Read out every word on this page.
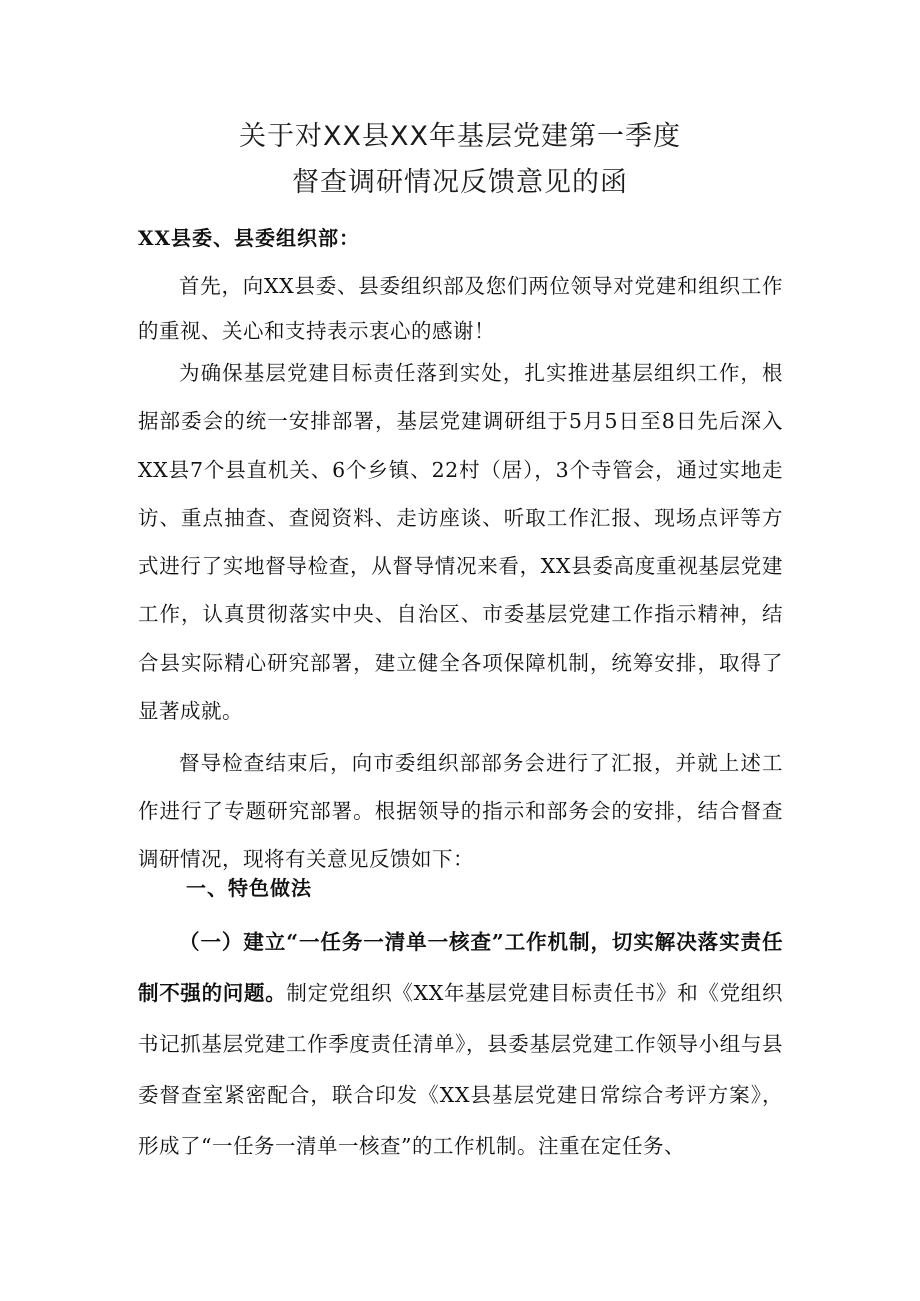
关于对XX县XX年基层党建第一季度
督查调研情况反馈意见的函

XX县委、县委组织部：

首先，向XX县委、县委组织部及您们两位领导对党建和组织工作的重视、关心和支持表示衷心的感谢！

为确保基层党建目标责任落到实处，扎实推进基层组织工作，根据部委会的统一安排部署，基层党建调研组于5月5日至8日先后深入XX县7个县直机关、6个乡镇、22村（居），3个寺管会，通过实地走访、重点抽查、查阅资料、走访座谈、听取工作汇报、现场点评等方式进行了实地督导检查，从督导情况来看，XX县委高度重视基层党建工作，认真贯彻落实中央、自治区、市委基层党建工作指示精神，结合县实际精心研究部署，建立健全各项保障机制，统筹安排，取得了显著成就。

督导检查结束后，向市委组织部部务会进行了汇报，并就上述工作进行了专题研究部署。根据领导的指示和部务会的安排，结合督查调研情况，现将有关意见反馈如下：

一、特色做法

（一）建立“一任务一清单一核查”工作机制，切实解决落实责任制不强的问题。制定党组织《XX年基层党建目标责任书》和《党组织书记抓基层党建工作季度责任清单》，县委基层党建工作领导小组与县委督查室紧密配合，联合印发《XX县基层党建日常综合考评方案》，形成了“一任务一清单一核查”的工作机制。注重在定任务、
